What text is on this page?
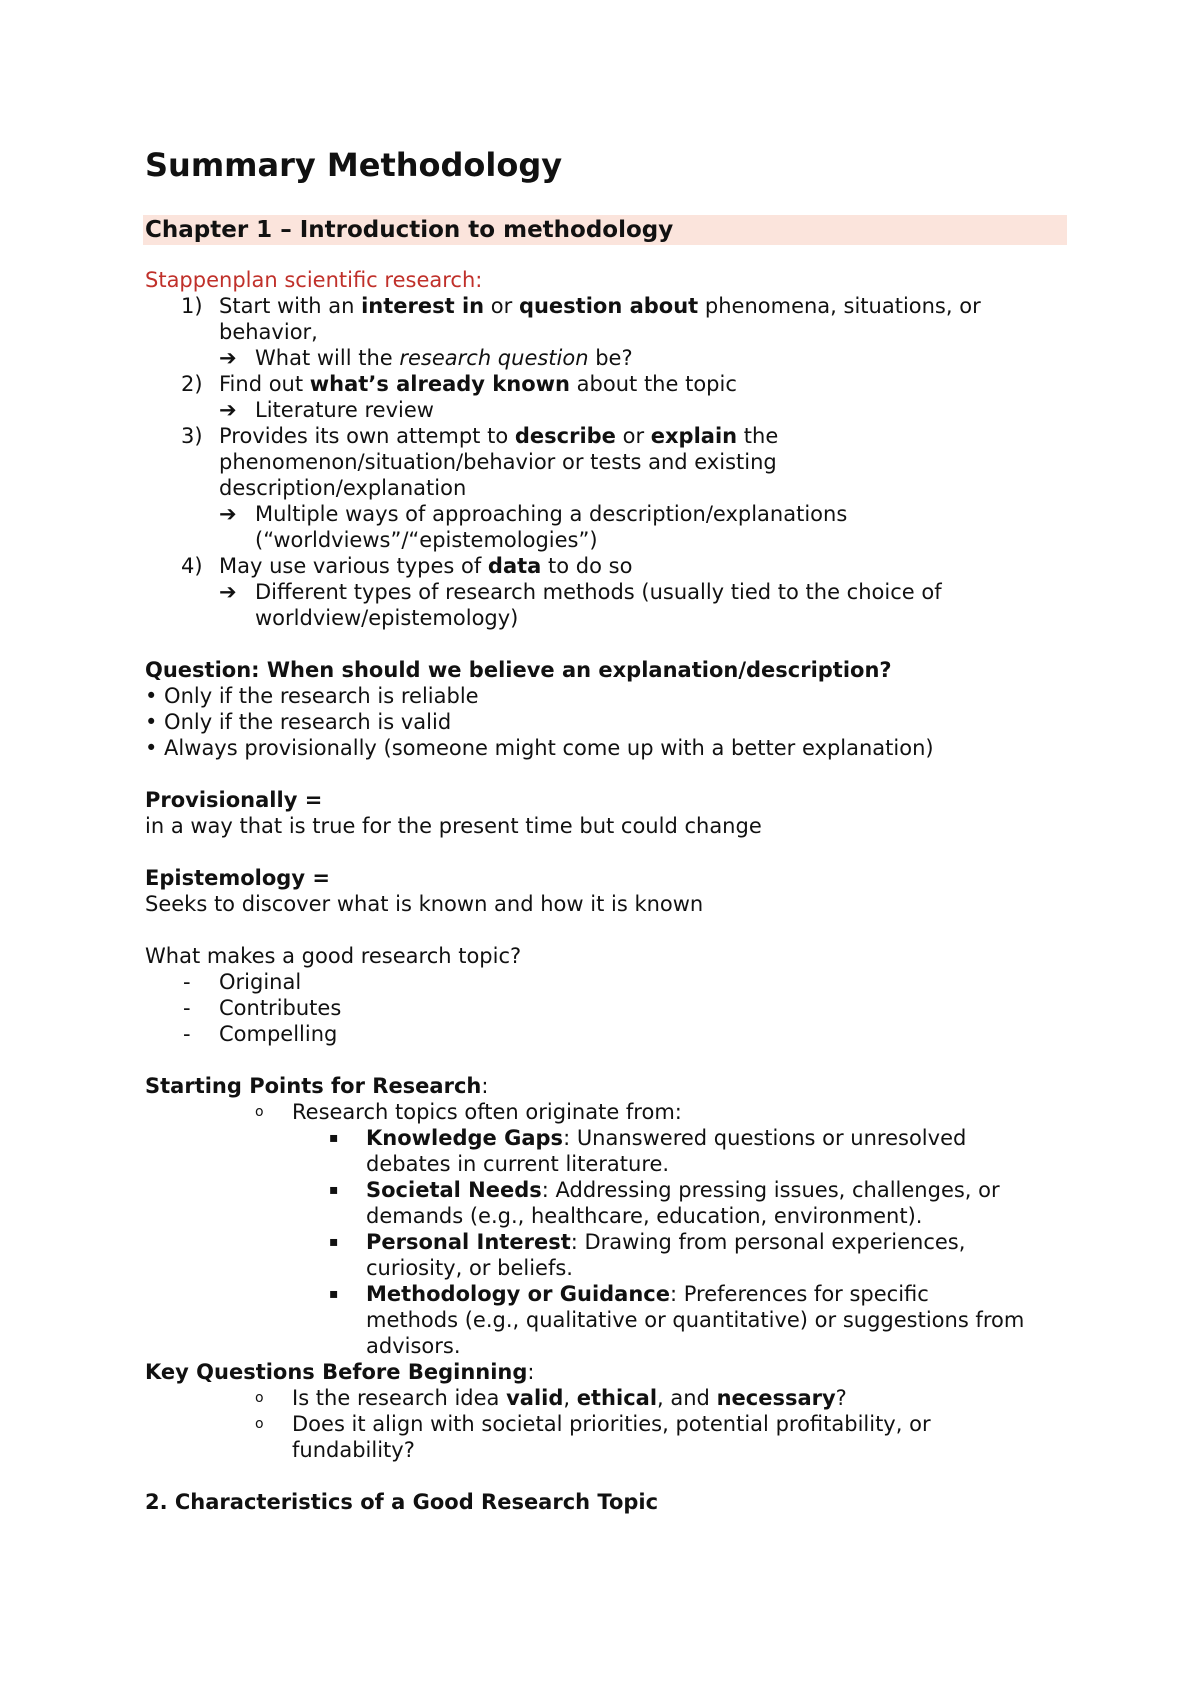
Summary Methodology
Chapter 1 – Introduction to methodology
Stappenplan scientific research:
1) Start with an interest in or question about phenomena, situations, or
behavior,
➔ What will the research question be?
2) Find out what’s already known about the topic
➔ Literature review
3) Provides its own attempt to describe or explain the
phenomenon/situation/behavior or tests and existing
description/explanation
➔ Multiple ways of approaching a description/explanations
(“worldviews”/“epistemologies”)
4) May use various types of data to do so
➔ Different types of research methods (usually tied to the choice of
worldview/epistemology)
Question: When should we believe an explanation/description?
• Only if the research is reliable
• Only if the research is valid
• Always provisionally (someone might come up with a better explanation)
Provisionally =
in a way that is true for the present time but could change
Epistemology =
Seeks to discover what is known and how it is known
What makes a good research topic?
- Original
- Contributes
- Compelling
Starting Points for Research:
o Research topics often originate from:
▪ Knowledge Gaps: Unanswered questions or unresolved
debates in current literature.
▪ Societal Needs: Addressing pressing issues, challenges, or
demands (e.g., healthcare, education, environment).
▪ Personal Interest: Drawing from personal experiences,
curiosity, or beliefs.
▪ Methodology or Guidance: Preferences for specific
methods (e.g., qualitative or quantitative) or suggestions from
advisors.
Key Questions Before Beginning:
o Is the research idea valid, ethical, and necessary?
o Does it align with societal priorities, potential profitability, or
fundability?
2. Characteristics of a Good Research Topic
